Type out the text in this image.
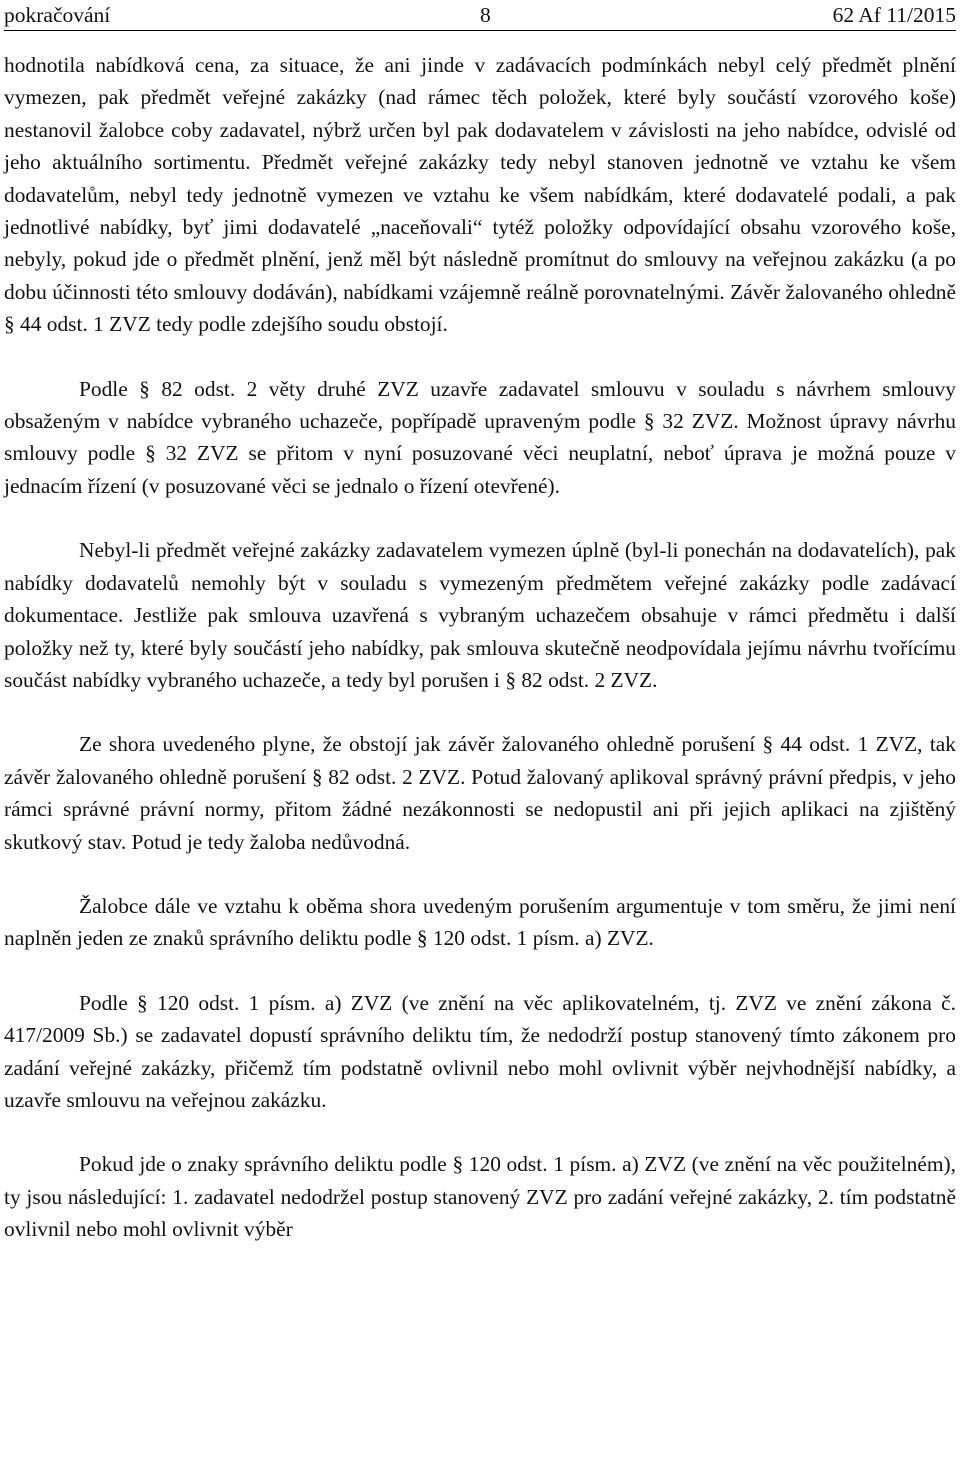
pokračování	8	62 Af 11/2015

hodnotila nabídková cena, za situace, že ani jinde v zadávacích podmínkách nebyl celý předmět plnění vymezen, pak předmět veřejné zakázky (nad rámec těch položek, které byly součástí vzorového koše) nestanovil žalobce coby zadavatel, nýbrž určen byl pak dodavatelem v závislosti na jeho nabídce, odvislé od jeho aktuálního sortimentu. Předmět veřejné zakázky tedy nebyl stanoven jednotně ve vztahu ke všem dodavatelům, nebyl tedy jednotně vymezen ve vztahu ke všem nabídkám, které dodavatelé podali, a pak jednotlivé nabídky, byť jimi dodavatelé „naceňovali“ tytéž položky odpovídající obsahu vzorového koše, nebyly, pokud jde o předmět plnění, jenž měl být následně promítnut do smlouvy na veřejnou zakázku (a po dobu účinnosti této smlouvy dodáván), nabídkami vzájemně reálně porovnatelnými. Závěr žalovaného ohledně § 44 odst. 1 ZVZ tedy podle zdejšího soudu obstojí.

Podle § 82 odst. 2 věty druhé ZVZ uzavře zadavatel smlouvu v souladu s návrhem smlouvy obsaženým v nabídce vybraného uchazeče, popřípadě upraveným podle § 32 ZVZ. Možnost úpravy návrhu smlouvy podle § 32 ZVZ se přitom v nyní posuzované věci neuplatní, neboť úprava je možná pouze v jednacím řízení (v posuzované věci se jednalo o řízení otevřené).

Nebyl-li předmět veřejné zakázky zadavatelem vymezen úplně (byl-li ponechán na dodavatelích), pak nabídky dodavatelů nemohly být v souladu s vymezeným předmětem veřejné zakázky podle zadávací dokumentace. Jestliže pak smlouva uzavřená s vybraným uchazečem obsahuje v rámci předmětu i další položky než ty, které byly součástí jeho nabídky, pak smlouva skutečně neodpovídala jejímu návrhu tvořícímu součást nabídky vybraného uchazeče, a tedy byl porušen i § 82 odst. 2 ZVZ.

Ze shora uvedeného plyne, že obstojí jak závěr žalovaného ohledně porušení § 44 odst. 1 ZVZ, tak závěr žalovaného ohledně porušení § 82 odst. 2 ZVZ. Potud žalovaný aplikoval správný právní předpis, v jeho rámci správné právní normy, přitom žádné nezákonnosti se nedopustil ani při jejich aplikaci na zjištěný skutkový stav. Potud je tedy žaloba nedůvodná.

Žalobce dále ve vztahu k oběma shora uvedeným porušením argumentuje v tom směru, že jimi není naplněn jeden ze znaků správního deliktu podle § 120 odst. 1 písm. a) ZVZ.

Podle § 120 odst. 1 písm. a) ZVZ (ve znění na věc aplikovatelném, tj. ZVZ ve znění zákona č. 417/2009 Sb.) se zadavatel dopustí správního deliktu tím, že nedodrží postup stanovený tímto zákonem pro zadání veřejné zakázky, přičemž tím podstatně ovlivnil nebo mohl ovlivnit výběr nejvhodnější nabídky, a uzavře smlouvu na veřejnou zakázku.

Pokud jde o znaky správního deliktu podle § 120 odst. 1 písm. a) ZVZ (ve znění na věc použitelném), ty jsou následující: 1. zadavatel nedodržel postup stanovený ZVZ pro zadání veřejné zakázky, 2. tím podstatně ovlivnil nebo mohl ovlivnit výběr
